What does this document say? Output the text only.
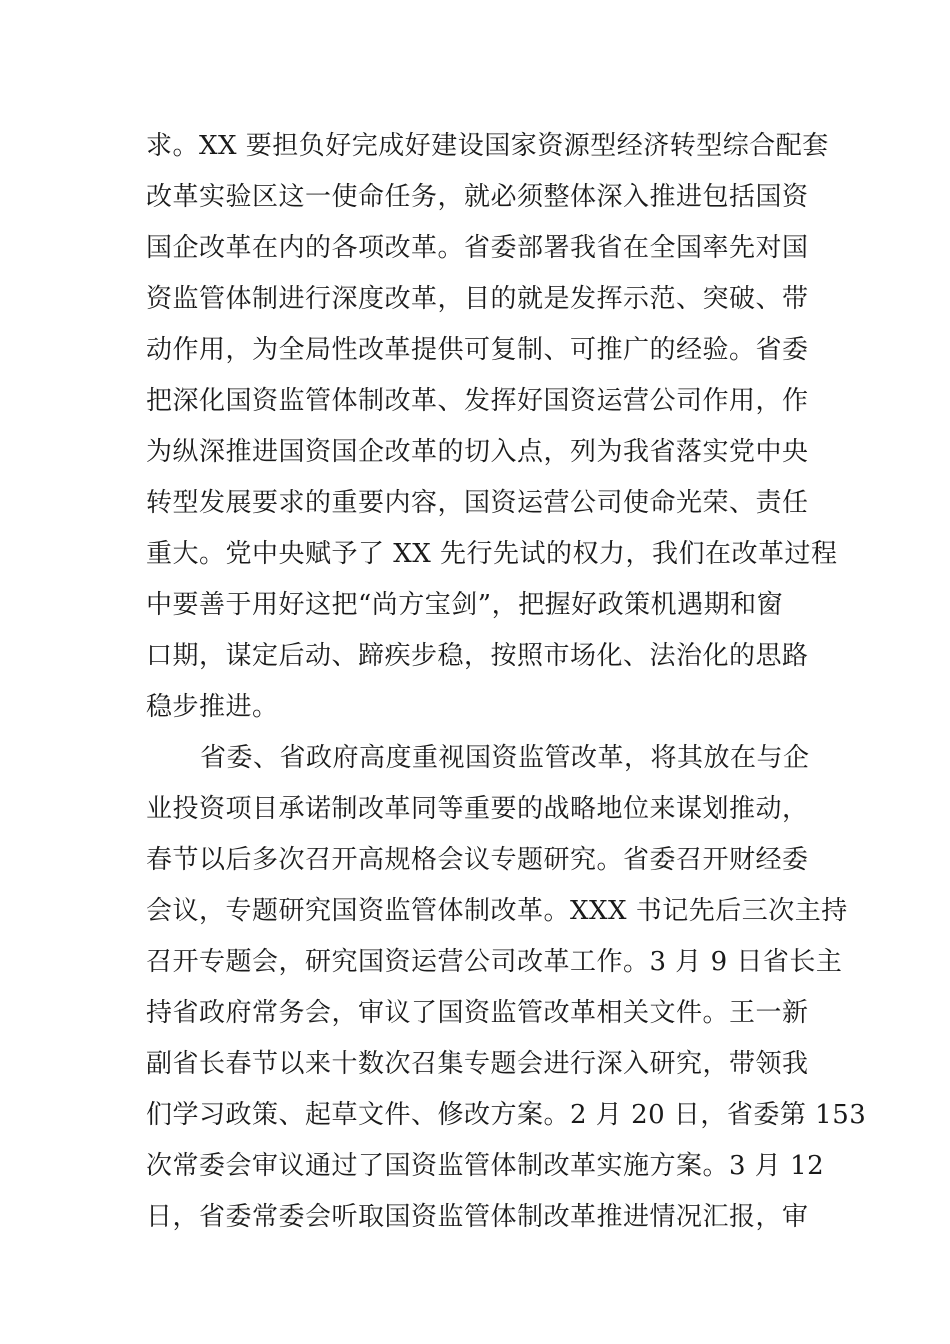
求。XX 要担负好完成好建设国家资源型经济转型综合配套
改革实验区这一使命任务，就必须整体深入推进包括国资
国企改革在内的各项改革。省委部署我省在全国率先对国
资监管体制进行深度改革，目的就是发挥示范、突破、带
动作用，为全局性改革提供可复制、可推广的经验。省委
把深化国资监管体制改革、发挥好国资运营公司作用，作
为纵深推进国资国企改革的切入点，列为我省落实党中央
转型发展要求的重要内容，国资运营公司使命光荣、责任
重大。党中央赋予了 XX 先行先试的权力，我们在改革过程
中要善于用好这把“尚方宝剑”，把握好政策机遇期和窗
口期，谋定后动、蹄疾步稳，按照市场化、法治化的思路
稳步推进。
省委、省政府高度重视国资监管改革，将其放在与企
业投资项目承诺制改革同等重要的战略地位来谋划推动，
春节以后多次召开高规格会议专题研究。省委召开财经委
会议，专题研究国资监管体制改革。XXX 书记先后三次主持
召开专题会，研究国资运营公司改革工作。3 月 9 日省长主
持省政府常务会，审议了国资监管改革相关文件。王一新
副省长春节以来十数次召集专题会进行深入研究，带领我
们学习政策、起草文件、修改方案。2 月 20 日，省委第 153
次常委会审议通过了国资监管体制改革实施方案。3 月 12
日，省委常委会听取国资监管体制改革推进情况汇报，审
